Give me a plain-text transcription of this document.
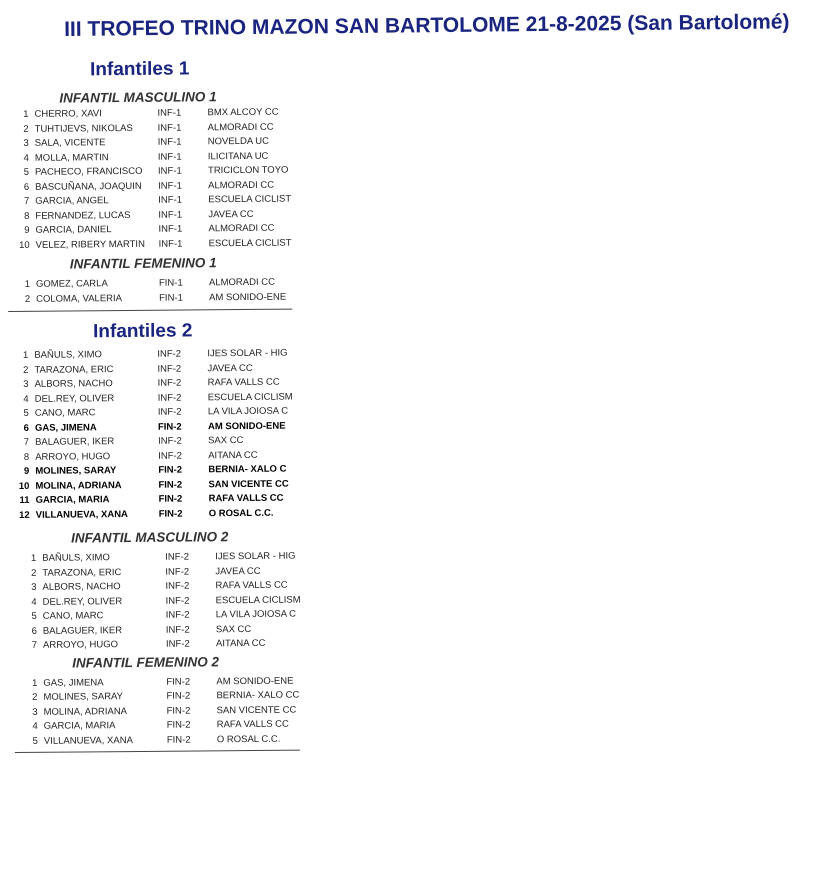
III TROFEO TRINO MAZON SAN BARTOLOME 21-8-2025 (San Bartolomé)
Infantiles 1
INFANTIL MASCULINO 1
1	CHERRO, XAVI	INF-1	BMX ALCOY CC
2	TUHTIJEVS, NIKOLAS	INF-1	ALMORADI CC
3	SALA, VICENTE	INF-1	NOVELDA UC
4	MOLLA, MARTIN	INF-1	ILICITANA UC
5	PACHECO, FRANCISCO	INF-1	TRICICLON TOYO
6	BASCUÑANA, JOAQUIN	INF-1	ALMORADI CC
7	GARCIA, ANGEL	INF-1	ESCUELA CICLIST
8	FERNANDEZ, LUCAS	INF-1	JAVEA CC
9	GARCIA, DANIEL	INF-1	ALMORADI CC
10	VELEZ, RIBERY MARTIN	INF-1	ESCUELA CICLIST
INFANTIL FEMENINO 1
1	GOMEZ, CARLA	FIN-1	ALMORADI CC
2	COLOMA, VALERIA	FIN-1	AM SONIDO-ENE
Infantiles 2
1	BAÑULS, XIMO	INF-2	IJES SOLAR - HIG
2	TARAZONA, ERIC	INF-2	JAVEA CC
3	ALBORS, NACHO	INF-2	RAFA VALLS CC
4	DEL.REY, OLIVER	INF-2	ESCUELA CICLISM
5	CANO, MARC	INF-2	LA VILA JOIOSA C
6	GAS, JIMENA	FIN-2	AM SONIDO-ENE
7	BALAGUER, IKER	INF-2	SAX CC
8	ARROYO, HUGO	INF-2	AITANA CC
9	MOLINES, SARAY	FIN-2	BERNIA- XALO C
10	MOLINA, ADRIANA	FIN-2	SAN VICENTE CC
11	GARCIA, MARIA	FIN-2	RAFA VALLS CC
12	VILLANUEVA, XANA	FIN-2	O ROSAL C.C.
INFANTIL MASCULINO 2
1	BAÑULS, XIMO	INF-2	IJES SOLAR - HIG
2	TARAZONA, ERIC	INF-2	JAVEA CC
3	ALBORS, NACHO	INF-2	RAFA VALLS CC
4	DEL.REY, OLIVER	INF-2	ESCUELA CICLISM
5	CANO, MARC	INF-2	LA VILA JOIOSA C
6	BALAGUER, IKER	INF-2	SAX CC
7	ARROYO, HUGO	INF-2	AITANA CC
INFANTIL FEMENINO 2
1	GAS, JIMENA	FIN-2	AM SONIDO-ENE
2	MOLINES, SARAY	FIN-2	BERNIA- XALO CC
3	MOLINA, ADRIANA	FIN-2	SAN VICENTE CC
4	GARCIA, MARIA	FIN-2	RAFA VALLS CC
5	VILLANUEVA, XANA	FIN-2	O ROSAL C.C.
